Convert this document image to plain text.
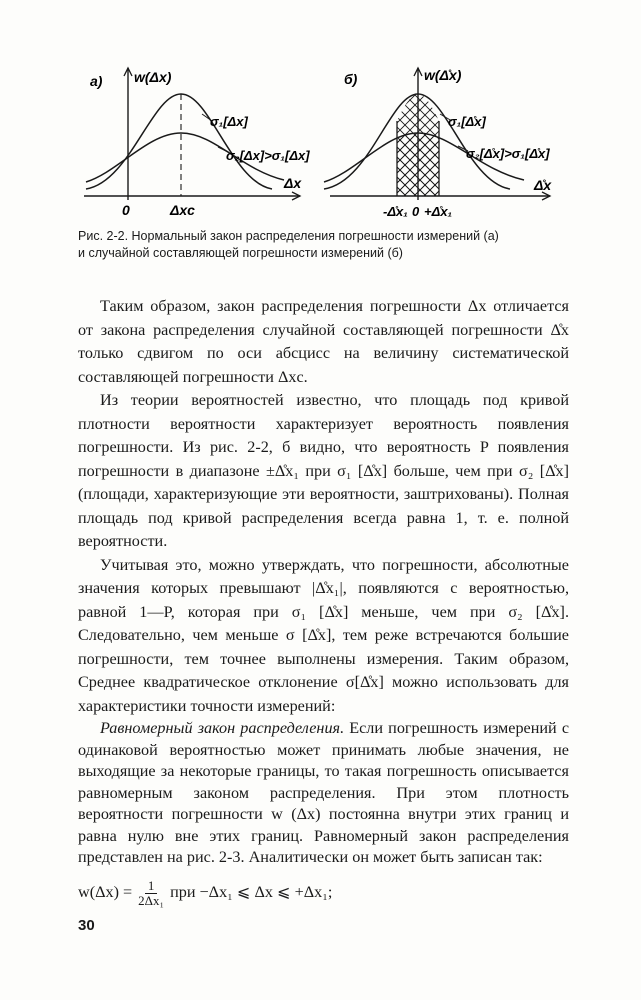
a) w(Δx)
σ₁[Δx]
σ₂[Δx]>σ₁[Δx]
Δx
0	Δxc
б)	w(Δ̊x)
σ₁[Δ̊x]
σ₂[Δ̊x]>σ₁[Δ̊x]
Δ̊x
-Δ̊x₁ 0 +Δ̊x₁
Рис. 2-2. Нормальный закон распределения погрешности измерений (а)
и случайной составляющей погрешности измерений (б)

Таким образом, закон распределения погрешности Δx отличается от закона распределения случайной составляющей погрешности Δ̊x только сдвигом по оси абсцисс на величину систематической составляющей погрешности Δxc.

Из теории вероятностей известно, что площадь под кривой плотности вероятности характеризует вероятность появления погрешности. Из рис. 2-2, б видно, что вероятность P появления погрешности в диапазоне ±Δ̊x₁ при σ₁ [Δ̊x] больше, чем при σ₂ [Δ̊x] (площади, характеризующие эти вероятности, заштрихованы). Полная площадь под кривой распределения всегда равна 1, т. е. полной вероятности.

Учитывая это, можно утверждать, что погрешности, абсолютные значения которых превышают |Δ̊x₁|, появляются с вероятностью, равной 1—P, которая при σ₁ [Δ̊x] меньше, чем при σ₂ [Δ̊x]. Следовательно, чем меньше σ [Δ̊x], тем реже встречаются большие погрешности, тем точнее выполнены измерения. Таким образом, Среднее квадратическое отклонение σ[Δ̊x] можно использовать для характеристики точности измерений:

Равномерный закон распределения. Если погрешность измерений с одинаковой вероятностью может принимать любые значения, не выходящие за некоторые границы, то такая погрешность описывается равномерным законом распределения. При этом плотность вероятности погрешности w (Δx) постоянна внутри этих границ и равна нулю вне этих границ. Равномерный закон распределения представлен на рис. 2-3. Аналитически он может быть записан так:

$w(\Delta x) = \frac{1}{\text{2Δx₁}}$ при −Δx₁ ⩽ Δx ⩽ +Δx₁;
30
